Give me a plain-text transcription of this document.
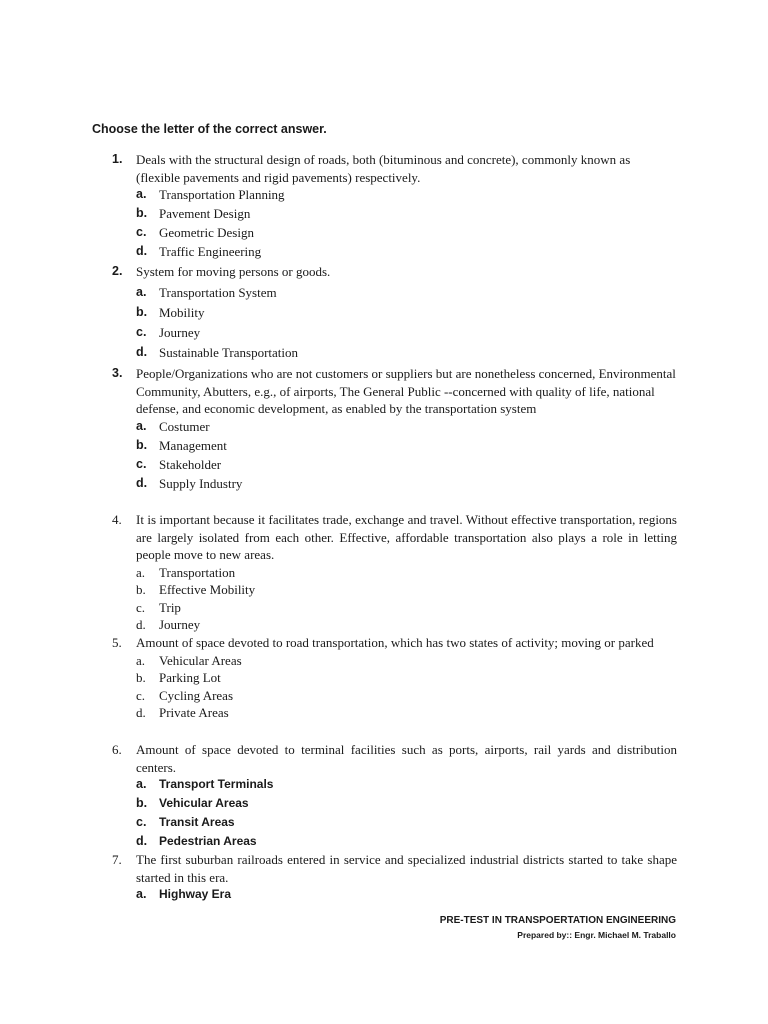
Choose the letter of the correct answer.
1.	Deals with the structural design of roads, both (bituminous and concrete), commonly known as (flexible pavements and rigid pavements) respectively.
a. Transportation Planning
b. Pavement Design
c. Geometric Design
d. Traffic Engineering
2.	System for moving persons or goods.
a. Transportation System
b. Mobility
c. Journey
d. Sustainable Transportation
3.	People/Organizations who are not customers or suppliers but are nonetheless concerned, Environmental Community, Abutters, e.g., of airports, The General Public --concerned with quality of life, national defense, and economic development, as enabled by the transportation system
a. Costumer
b. Management
c. Stakeholder
d. Supply Industry
4.	It is important because it facilitates trade, exchange and travel. Without effective transportation, regions are largely isolated from each other. Effective, affordable transportation also plays a role in letting people move to new areas.
a.	Transportation
b.	Effective Mobility
c.	Trip
d.	Journey
5.	Amount of space devoted to road transportation, which has two states of activity; moving or parked
a.	Vehicular Areas
b.	Parking Lot
c.	Cycling Areas
d.	Private Areas
6.	Amount of space devoted to terminal facilities such as ports, airports, rail yards and distribution centers.
a.	Transport Terminals
b. Vehicular Areas
c.	Transit Areas
d. Pedestrian Areas
7.	The first suburban railroads entered in service and specialized industrial districts started to take shape started in this era.
a.	Highway Era
PRE-TEST IN TRANSPOERTATION ENGINEERING
Prepared by:: Engr. Michael M. Traballo
